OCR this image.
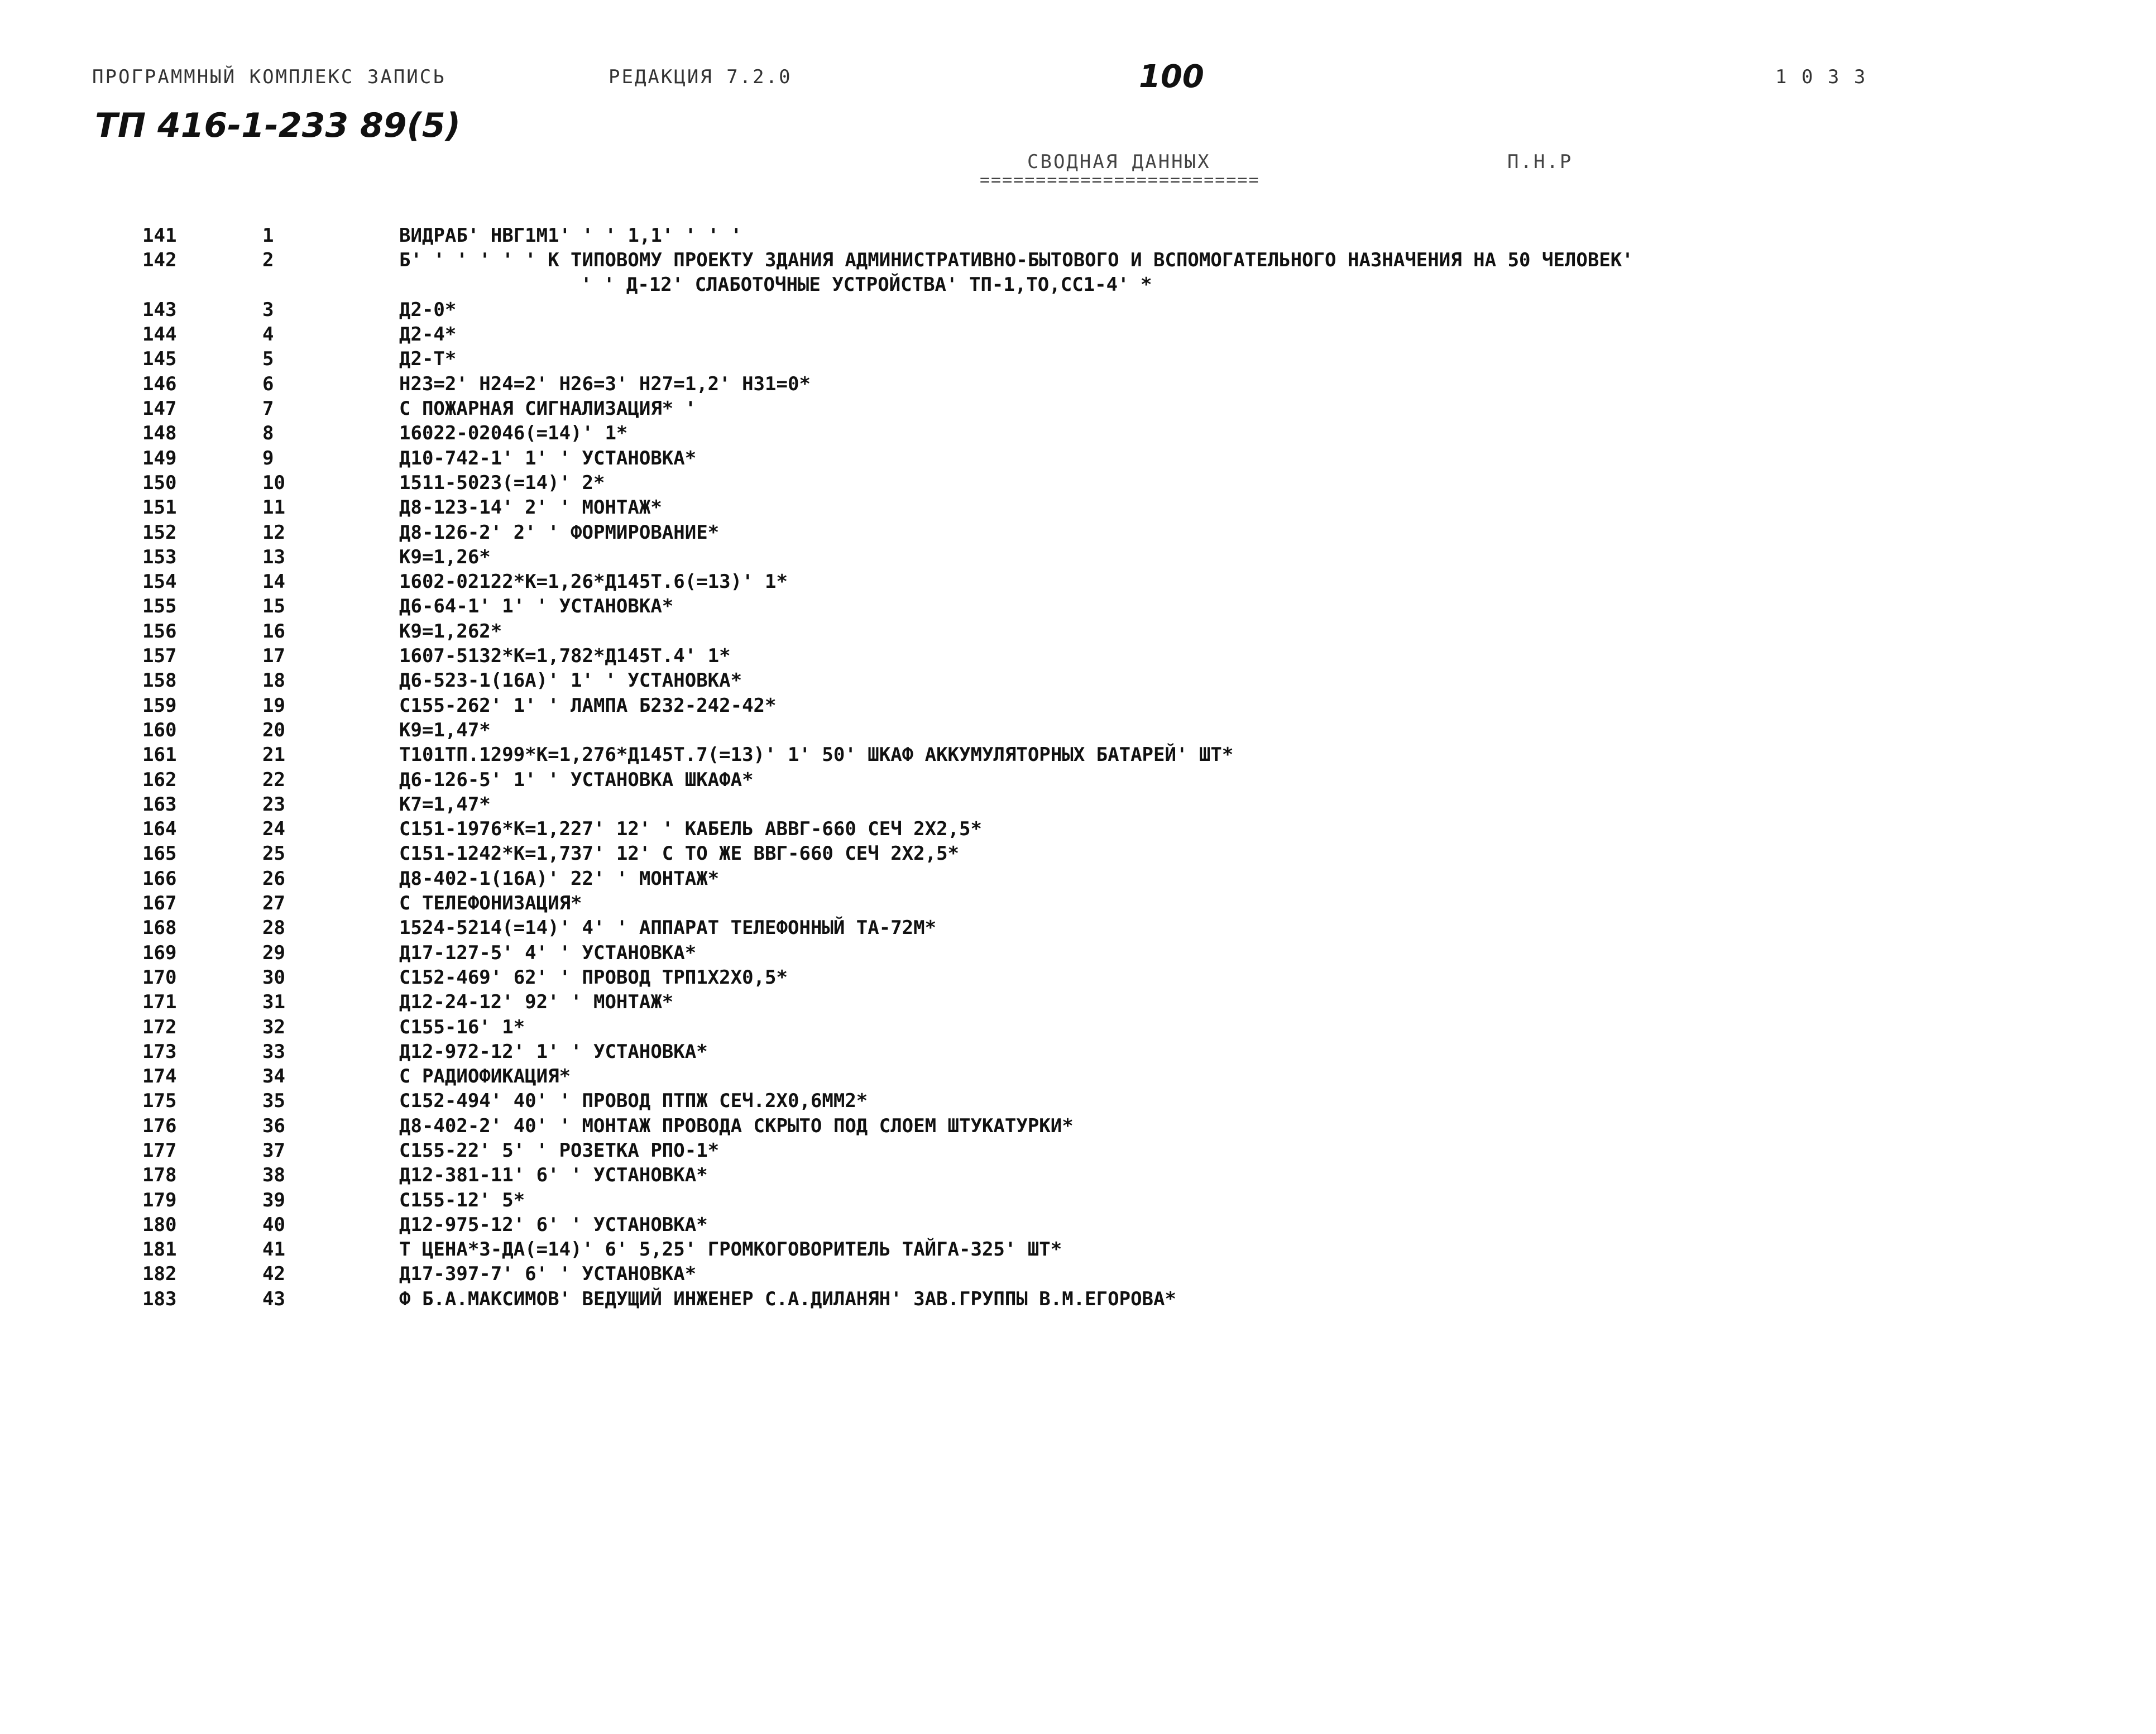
ПРОГРАММНЫЙ КОМПЛЕКС ЗАПИСЬ	РЕДАКЦИЯ 7.2.0	100	1 0 3 3
ТП 416-1-233 89(5)
СВОДНАЯ ДАННЫХ	П.Н.Р
=========================
141	1	ВИДРАБ' НВГ1М1' ' ' 1,1' ' ' '
142	2	Б' ' ' ' ' ' К ТИПОВОМУ ПРОЕКТУ ЗДАНИЯ АДМИНИСТРАТИВНО-БЫТОВОГО И ВСПОМОГАТЕЛЬНОГО НАЗНАЧЕНИЯ НА 50 ЧЕЛОВЕК'
' ' Д-12' СЛАБОТОЧНЫЕ УСТРОЙСТВА' ТП-1,ТО,СС1-4' *
143	3	Д2-0*
144	4	Д2-4*
145	5	Д2-Т*
146	6	Н23=2' Н24=2' Н26=3' Н27=1,2' Н31=0*
147	7	С ПОЖАРНАЯ СИГНАЛИЗАЦИЯ* '
148	8	16022-02046(=14)' 1*
149	9	Д10-742-1' 1' ' УСТАНОВКА*
150	10	1511-5023(=14)' 2*
151	11	Д8-123-14' 2' ' МОНТАЖ*
152	12	Д8-126-2' 2' ' ФОРМИРОВАНИЕ*
153	13	К9=1,26*
154	14	1602-02122*К=1,26*Д145Т.6(=13)' 1*
155	15	Д6-64-1' 1' ' УСТАНОВКА*
156	16	К9=1,262*
157	17	1607-5132*К=1,782*Д145Т.4' 1*
158	18	Д6-523-1(16А)' 1' ' УСТАНОВКА*
159	19	С155-262' 1' ' ЛАМПА Б232-242-42*
160	20	К9=1,47*
161	21	Т101ТП.1299*К=1,276*Д145Т.7(=13)' 1' 50' ШКАФ АККУМУЛЯТОРНЫХ БАТАРЕЙ' ШТ*
162	22	Д6-126-5' 1' ' УСТАНОВКА ШКАФА*
163	23	К7=1,47*
164	24	С151-1976*К=1,227' 12' ' КАБЕЛЬ АВВГ-660 СЕЧ 2Х2,5*
165	25	С151-1242*К=1,737' 12' С ТО ЖЕ ВВГ-660 СЕЧ 2Х2,5*
166	26	Д8-402-1(16А)' 22' ' МОНТАЖ*
167	27	С ТЕЛЕФОНИЗАЦИЯ*
168	28	1524-5214(=14)' 4' ' АППАРАТ ТЕЛЕФОННЫЙ ТА-72М*
169	29	Д17-127-5' 4' ' УСТАНОВКА*
170	30	С152-469' 62' ' ПРОВОД ТРП1Х2Х0,5*
171	31	Д12-24-12' 92' ' МОНТАЖ*
172	32	С155-16' 1*
173	33	Д12-972-12' 1' ' УСТАНОВКА*
174	34	С РАДИОФИКАЦИЯ*
175	35	С152-494' 40' ' ПРОВОД ПТПЖ СЕЧ.2Х0,6ММ2*
176	36	Д8-402-2' 40' ' МОНТАЖ ПРОВОДА СКРЫТО ПОД СЛОЕМ ШТУКАТУРКИ*
177	37	С155-22' 5' ' РОЗЕТКА РПО-1*
178	38	Д12-381-11' 6' ' УСТАНОВКА*
179	39	С155-12' 5*
180	40	Д12-975-12' 6' ' УСТАНОВКА*
181	41	Т ЦЕНА*3-ДА(=14)' 6' 5,25' ГРОМКОГОВОРИТЕЛЬ ТАЙГА-325' ШТ*
182	42	Д17-397-7' 6' ' УСТАНОВКА*
183	43	Ф Б.А.МАКСИМОВ' ВЕДУЩИЙ ИНЖЕНЕР С.А.ДИЛАНЯН' ЗАВ.ГРУППЫ В.М.ЕГОРОВА*
